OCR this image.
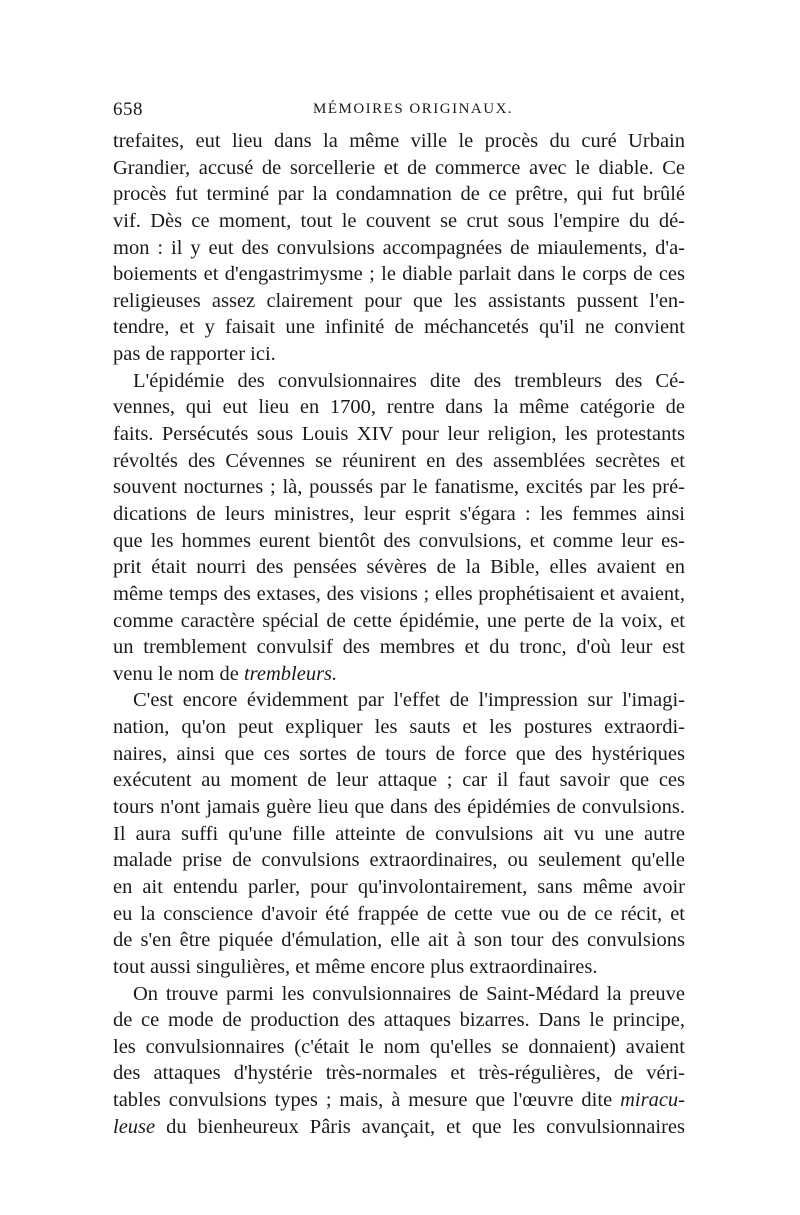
658	MÉMOIRES ORIGINAUX.
trefaites, eut lieu dans la même ville le procès du curé Urbain
Grandier, accusé de sorcellerie et de commerce avec le diable. Ce
procès fut terminé par la condamnation de ce prêtre, qui fut brûlé
vif. Dès ce moment, tout le couvent se crut sous l'empire du dé-
mon : il y eut des convulsions accompagnées de miaulements, d'a-
boiements et d'engastrimysme ; le diable parlait dans le corps de ces
religieuses assez clairement pour que les assistants pussent l'en-
tendre, et y faisait une infinité de méchancetés qu'il ne convient
pas de rapporter ici.
L'épidémie des convulsionnaires dite des trembleurs des Cé-
vennes, qui eut lieu en 1700, rentre dans la même catégorie de
faits. Persécutés sous Louis XIV pour leur religion, les protestants
révoltés des Cévennes se réunirent en des assemblées secrètes et
souvent nocturnes ; là, poussés par le fanatisme, excités par les pré-
dications de leurs ministres, leur esprit s'égara : les femmes ainsi
que les hommes eurent bientôt des convulsions, et comme leur es-
prit était nourri des pensées sévères de la Bible, elles avaient en
même temps des extases, des visions ; elles prophétisaient et avaient,
comme caractère spécial de cette épidémie, une perte de la voix, et
un tremblement convulsif des membres et du tronc, d'où leur est
venu le nom de trembleurs.
C'est encore évidemment par l'effet de l'impression sur l'imagi-
nation, qu'on peut expliquer les sauts et les postures extraordi-
naires, ainsi que ces sortes de tours de force que des hystériques
exécutent au moment de leur attaque ; car il faut savoir que ces
tours n'ont jamais guère lieu que dans des épidémies de convulsions.
Il aura suffi qu'une fille atteinte de convulsions ait vu une autre
malade prise de convulsions extraordinaires, ou seulement qu'elle
en ait entendu parler, pour qu'involontairement, sans même avoir
eu la conscience d'avoir été frappée de cette vue ou de ce récit, et
de s'en être piquée d'émulation, elle ait à son tour des convulsions
tout aussi singulières, et même encore plus extraordinaires.
On trouve parmi les convulsionnaires de Saint-Médard la preuve
de ce mode de production des attaques bizarres. Dans le principe,
les convulsionnaires (c'était le nom qu'elles se donnaient) avaient
des attaques d'hystérie très-normales et très-régulières, de véri-
tables convulsions types ; mais, à mesure que l'œuvre dite miracu-
leuse du bienheureux Pâris avançait, et que les convulsionnaires
